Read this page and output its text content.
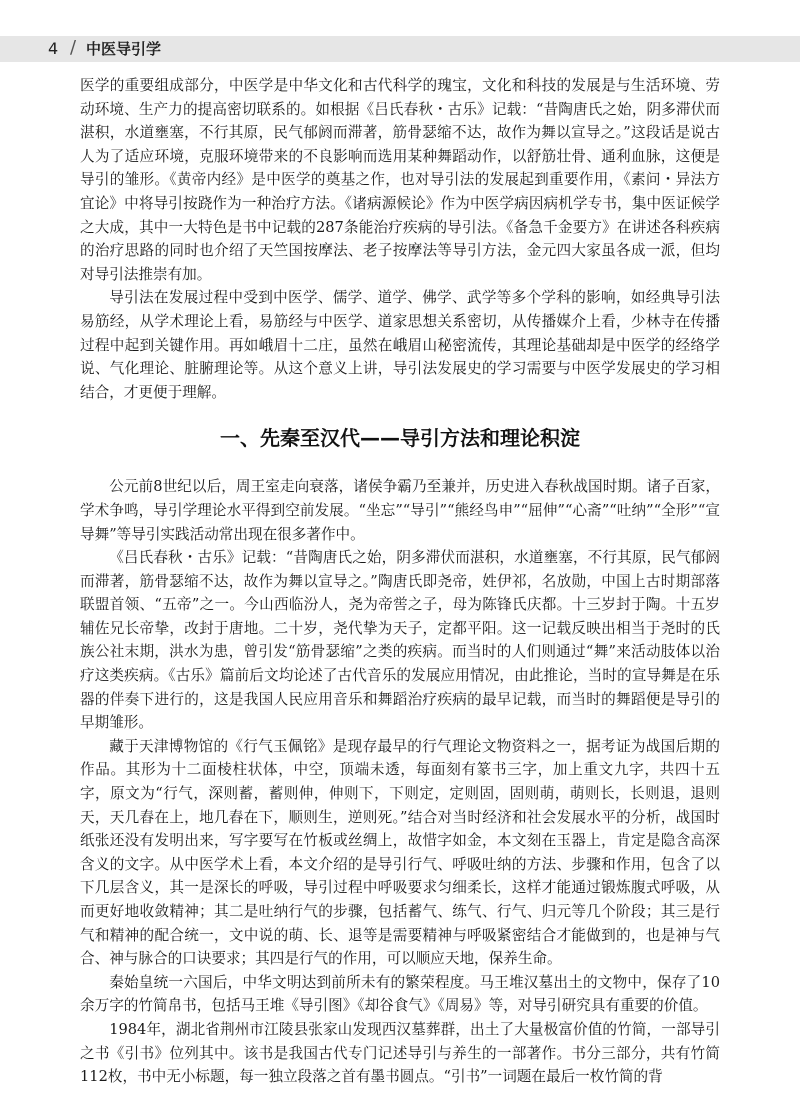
4 / 中医导引学

医学的重要组成部分，中医学是中华文化和古代科学的瑰宝，文化和科技的发展是与生活环境、劳动环境、生产力的提高密切联系的。如根据《吕氏春秋・古乐》记载：“昔陶唐氏之始，阴多滞伏而湛积，水道壅塞，不行其原，民气郁阏而滞著，筋骨瑟缩不达，故作为舞以宣导之。”这段话是说古人为了适应环境，克服环境带来的不良影响而选用某种舞蹈动作，以舒筋壮骨、通利血脉，这便是导引的雏形。《黄帝内经》是中医学的奠基之作，也对导引法的发展起到重要作用，《素问・异法方宜论》中将导引按跷作为一种治疗方法。《诸病源候论》作为中医学病因病机学专书，集中医证候学之大成，其中一大特色是书中记载的287条能治疗疾病的导引法。《备急千金要方》在讲述各科疾病的治疗思路的同时也介绍了天竺国按摩法、老子按摩法等导引方法，金元四大家虽各成一派，但均对导引法推崇有加。

导引法在发展过程中受到中医学、儒学、道学、佛学、武学等多个学科的影响，如经典导引法易筋经，从学术理论上看，易筋经与中医学、道家思想关系密切，从传播媒介上看，少林寺在传播过程中起到关键作用。再如峨眉十二庄，虽然在峨眉山秘密流传，其理论基础却是中医学的经络学说、气化理论、脏腑理论等。从这个意义上讲，导引法发展史的学习需要与中医学发展史的学习相结合，才更便于理解。

一、先秦至汉代——导引方法和理论积淀

公元前8世纪以后，周王室走向衰落，诸侯争霸乃至兼并，历史进入春秋战国时期。诸子百家，学术争鸣，导引学理论水平得到空前发展。“坐忘”“导引”“熊经鸟申”“屈伸”“心斋”“吐纳”“全形”“宣导舞”等导引实践活动常出现在很多著作中。

《吕氏春秋・古乐》记载：“昔陶唐氏之始，阴多滞伏而湛积，水道壅塞，不行其原，民气郁阏而滞著，筋骨瑟缩不达，故作为舞以宣导之。”陶唐氏即尧帝，姓伊祁，名放勋，中国上古时期部落联盟首领、“五帝”之一。今山西临汾人，尧为帝喾之子，母为陈锋氏庆都。十三岁封于陶。十五岁辅佐兄长帝挚，改封于唐地。二十岁，尧代挚为天子，定都平阳。这一记载反映出相当于尧时的氏族公社末期，洪水为患，曾引发“筋骨瑟缩”之类的疾病。而当时的人们则通过“舞”来活动肢体以治疗这类疾病。《古乐》篇前后文均论述了古代音乐的发展应用情况，由此推论，当时的宣导舞是在乐器的伴奏下进行的，这是我国人民应用音乐和舞蹈治疗疾病的最早记载，而当时的舞蹈便是导引的早期雏形。

藏于天津博物馆的《行气玉佩铭》是现存最早的行气理论文物资料之一，据考证为战国后期的作品。其形为十二面棱柱状体，中空，顶端未透，每面刻有篆书三字，加上重文九字，共四十五字，原文为“行气，深则蓄，蓄则伸，伸则下，下则定，定则固，固则萌，萌则长，长则退，退则天，天几舂在上，地几舂在下，顺则生，逆则死。”结合对当时经济和社会发展水平的分析，战国时纸张还没有发明出来，写字要写在竹板或丝绸上，故惜字如金，本文刻在玉器上，肯定是隐含高深含义的文字。从中医学术上看，本文介绍的是导引行气、呼吸吐纳的方法、步骤和作用，包含了以下几层含义，其一是深长的呼吸，导引过程中呼吸要求匀细柔长，这样才能通过锻炼腹式呼吸，从而更好地收敛精神；其二是吐纳行气的步骤，包括蓄气、练气、行气、归元等几个阶段；其三是行气和精神的配合统一，文中说的萌、长、退等是需要精神与呼吸紧密结合才能做到的，也是神与气合、神与脉合的口诀要求；其四是行气的作用，可以顺应天地，保养生命。

秦始皇统一六国后，中华文明达到前所未有的繁荣程度。马王堆汉墓出土的文物中，保存了10余万字的竹简帛书，包括马王堆《导引图》《却谷食气》《周易》等，对导引研究具有重要的价值。

1984年，湖北省荆州市江陵县张家山发现西汉墓葬群，出土了大量极富价值的竹简，一部导引之书《引书》位列其中。该书是我国古代专门记述导引与养生的一部著作。书分三部分，共有竹简112枚，书中无小标题，每一独立段落之首有墨书圆点。“引书”一词题在最后一枚竹简的背
